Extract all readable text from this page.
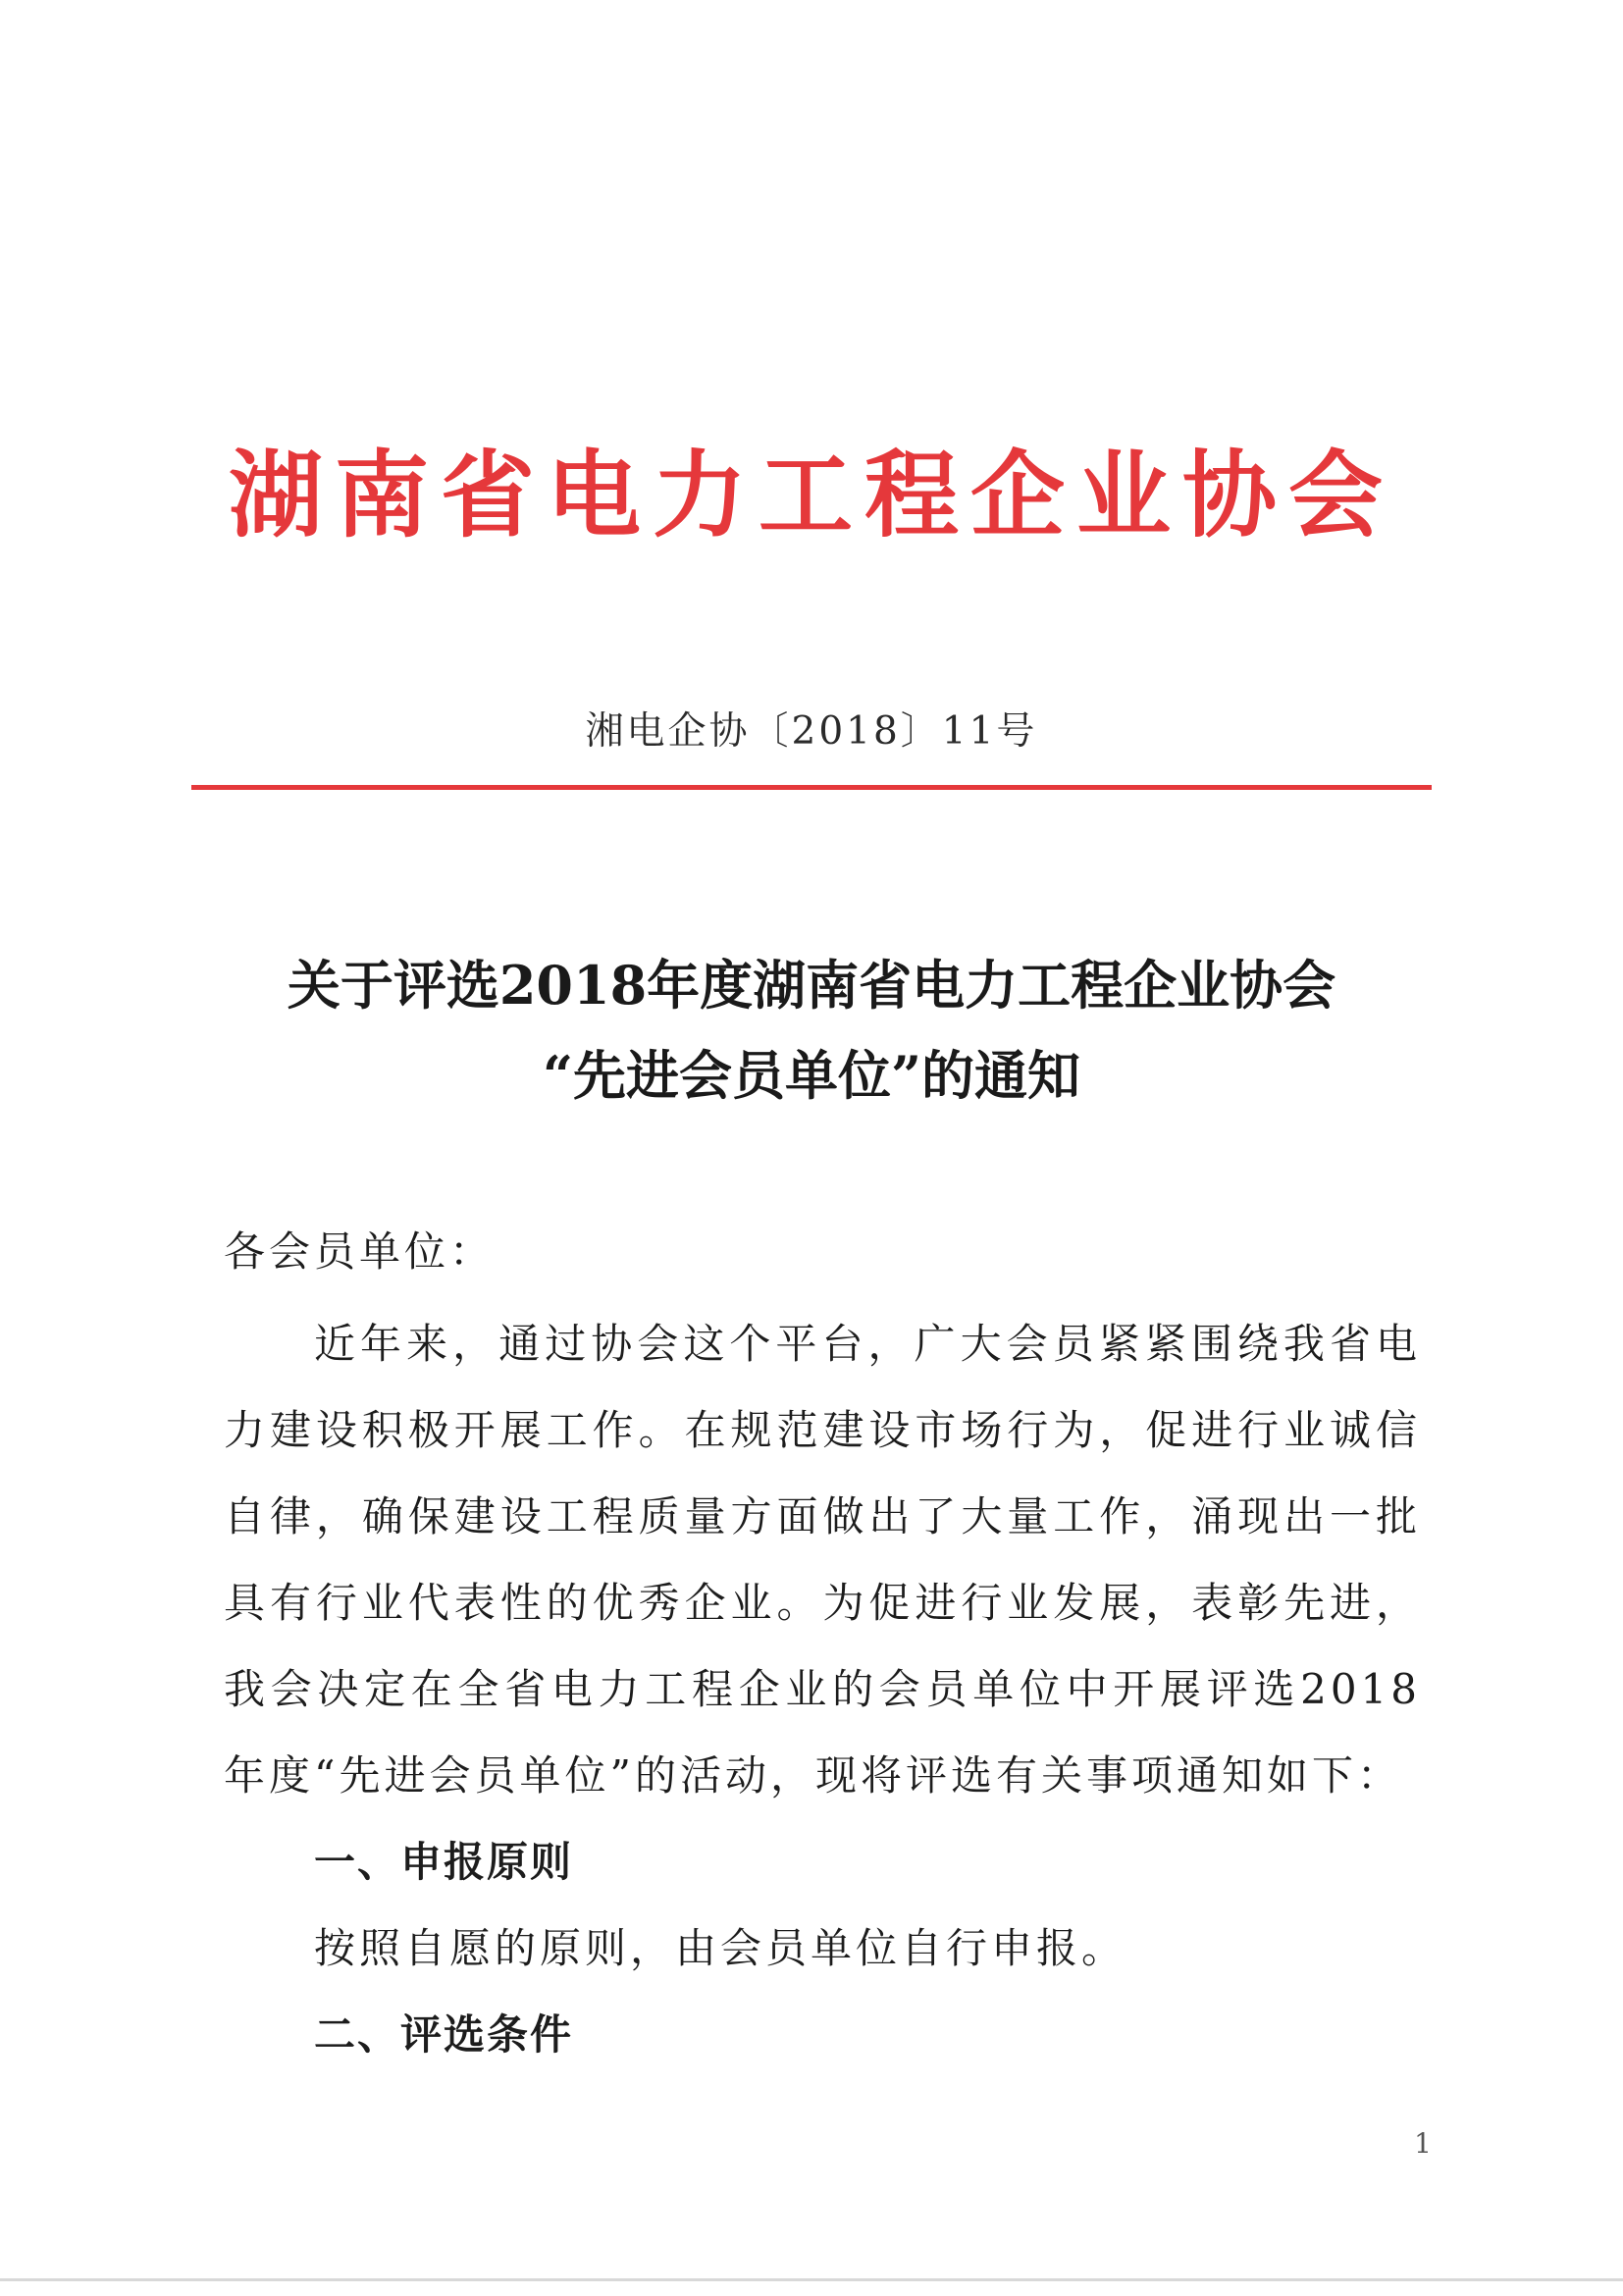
湖南省电力工程企业协会
湘电企协〔2018〕11号
关于评选2018年度湖南省电力工程企业协会
“先进会员单位”的通知
各会员单位：

近年来，通过协会这个平台，广大会员紧紧围绕我省电力建设积极开展工作。在规范建设市场行为，促进行业诚信自律，确保建设工程质量方面做出了大量工作，涌现出一批具有行业代表性的优秀企业。为促进行业发展，表彰先进，我会决定在全省电力工程企业的会员单位中开展评选2018年度“先进会员单位”的活动，现将评选有关事项通知如下：

一、申报原则
按照自愿的原则，由会员单位自行申报。
二、评选条件
1
